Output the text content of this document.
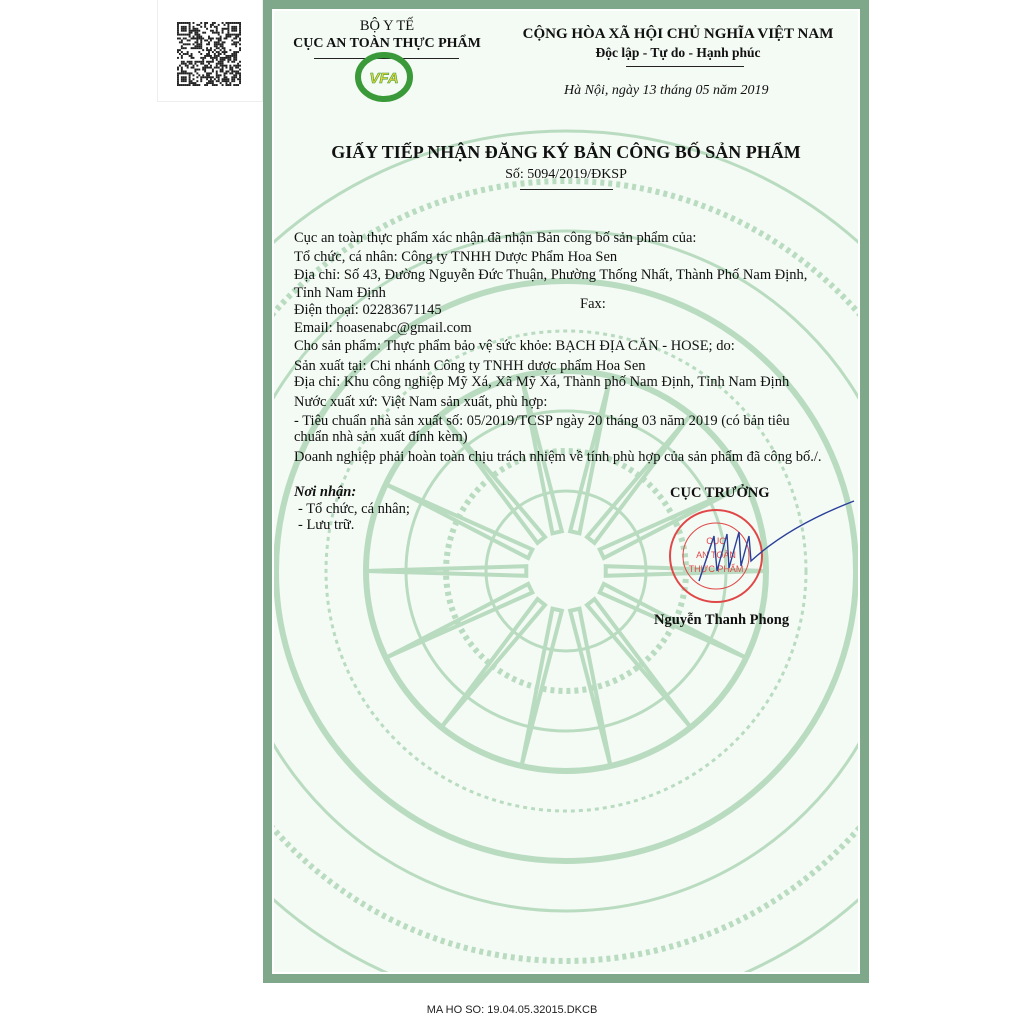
BỘ Y TẾ
CỤC AN TOÀN THỰC PHẨM
VFA
CỘNG HÒA XÃ HỘI CHỦ NGHĨA VIỆT NAM
Độc lập - Tự do - Hạnh phúc
Hà Nội, ngày 13 tháng 05 năm 2019
GIẤY TIẾP NHẬN ĐĂNG KÝ BẢN CÔNG BỐ SẢN PHẨM
Số: 5094/2019/ĐKSP
Cục an toàn thực phẩm xác nhận đã nhận Bản công bố sản phẩm của:
Tổ chức, cá nhân: Công ty TNHH Dược Phẩm Hoa Sen
Địa chỉ: Số 43, Đường Nguyễn Đức Thuận, Phường Thống Nhất, Thành Phố Nam Định,
Tỉnh Nam Định
Điện thoại: 02283671145
Email: hoasenabc@gmail.com
Cho sản phẩm: Thực phẩm bảo vệ sức khỏe: BẠCH ĐỊA CĂN - HOSE; do:
Sản xuất tại: Chi nhánh Công ty TNHH dược phẩm Hoa Sen
Địa chỉ: Khu công nghiệp Mỹ Xá, Xã Mỹ Xá, Thành phố Nam Định, Tỉnh Nam Định
Nước xuất xứ: Việt Nam sản xuất, phù hợp:
- Tiêu chuẩn nhà sản xuất số: 05/2019/TCSP ngày 20 tháng 03 năm 2019 (có bản tiêu
chuẩn nhà sản xuất đính kèm)
Doanh nghiệp phải hoàn toàn chịu trách nhiệm về tính phù hợp của sản phẩm đã công bố./.
Fax:
Nơi nhận:
- Tổ chức, cá nhân;
- Lưu trữ.
CỤC TRƯỞNG
CỤC
AN TOÀN
THỰC PHẨM
Nguyễn Thanh Phong
MA HO SO: 19.04.05.32015.DKCB
